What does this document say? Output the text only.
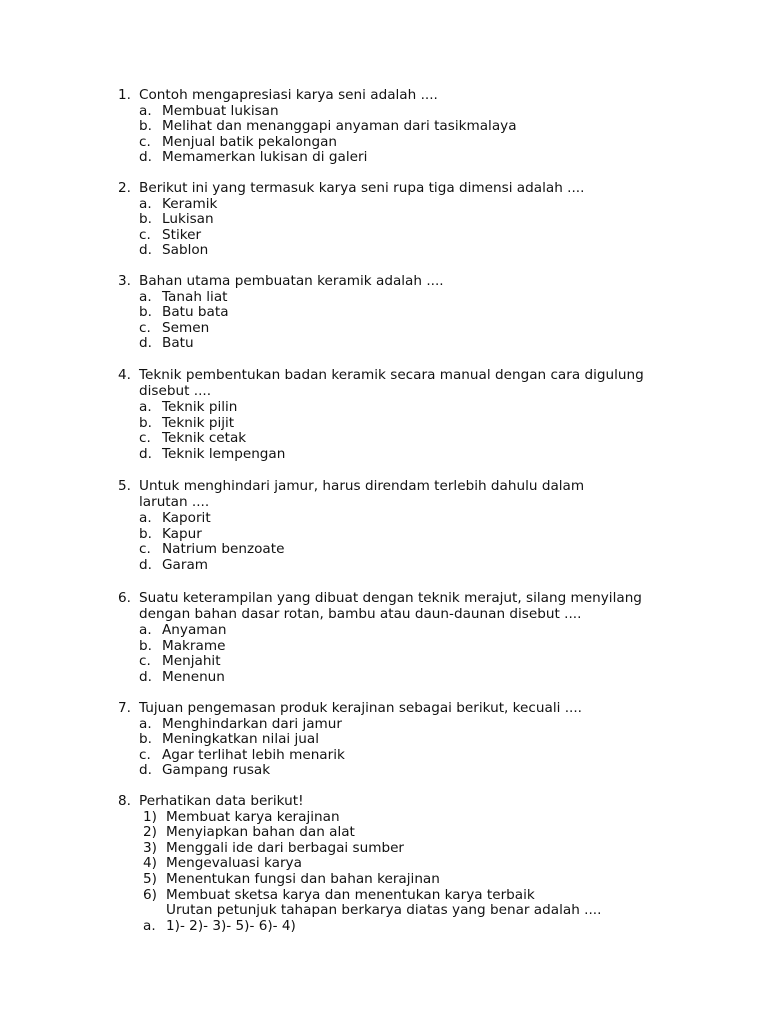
1. Contoh mengapresiasi karya seni adalah ....
a. Membuat lukisan
b. Melihat dan menanggapi anyaman dari tasikmalaya
c. Menjual batik pekalongan
d. Memamerkan lukisan di galeri
2. Berikut ini yang termasuk karya seni rupa tiga dimensi adalah ....
a. Keramik
b. Lukisan
c. Stiker
d. Sablon
3. Bahan utama pembuatan keramik adalah ....
a. Tanah liat
b. Batu bata
c. Semen
d. Batu
4. Teknik pembentukan badan keramik secara manual dengan cara digulung
disebut ....
a. Teknik pilin
b. Teknik pijit
c. Teknik cetak
d. Teknik lempengan
5. Untuk menghindari jamur, harus direndam terlebih dahulu dalam
larutan ....
a. Kaporit
b. Kapur
c. Natrium benzoate
d. Garam
6. Suatu keterampilan yang dibuat dengan teknik merajut, silang menyilang
dengan bahan dasar rotan, bambu atau daun-daunan disebut ....
a. Anyaman
b. Makrame
c. Menjahit
d. Menenun
7. Tujuan pengemasan produk kerajinan sebagai berikut, kecuali ....
a. Menghindarkan dari jamur
b. Meningkatkan nilai jual
c. Agar terlihat lebih menarik
d. Gampang rusak
8. Perhatikan data berikut!
1) Membuat karya kerajinan
2) Menyiapkan bahan dan alat
3) Menggali ide dari berbagai sumber
4) Mengevaluasi karya
5) Menentukan fungsi dan bahan kerajinan
6) Membuat sketsa karya dan menentukan karya terbaik
Urutan petunjuk tahapan berkarya diatas yang benar adalah ....
a. 1)- 2)- 3)- 5)- 6)- 4)
